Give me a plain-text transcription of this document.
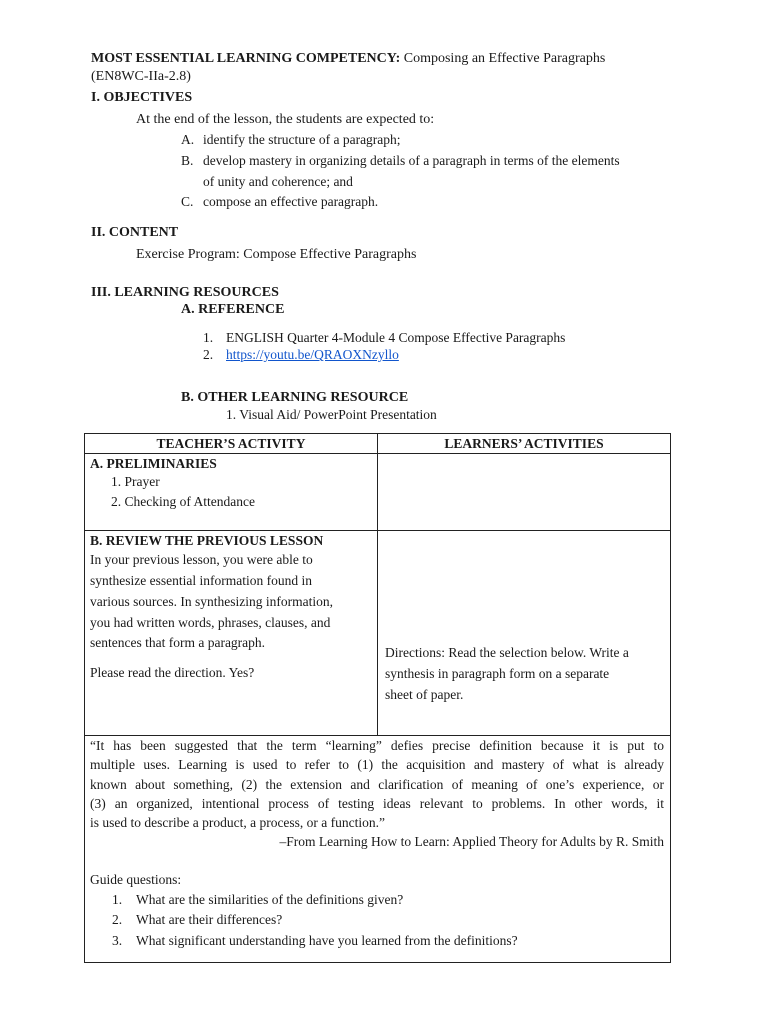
MOST ESSENTIAL LEARNING COMPETENCY: Composing an Effective Paragraphs
(EN8WC-IIa-2.8)
I. OBJECTIVES
At the end of the lesson, the students are expected to:
A. identify the structure of a paragraph;
B. develop mastery in organizing details of a paragraph in terms of the elements
of unity and coherence; and
C. compose an effective paragraph.
II. CONTENT
Exercise Program: Compose Effective Paragraphs
III. LEARNING RESOURCES
A. REFERENCE
1. ENGLISH Quarter 4-Module 4 Compose Effective Paragraphs
2. https://youtu.be/QRAOXNzyllo
B. OTHER LEARNING RESOURCE
1. Visual Aid/ PowerPoint Presentation
TEACHER’S ACTIVITY	LEARNERS’ ACTIVITIES
A. PRELIMINARIES
1. Prayer
2. Checking of Attendance
B. REVIEW THE PREVIOUS LESSON
In your previous lesson, you were able to
synthesize essential information found in
various sources. In synthesizing information,
you had written words, phrases, clauses, and
sentences that form a paragraph.
Please read the direction. Yes?
Directions: Read the selection below. Write a
synthesis in paragraph form on a separate
sheet of paper.
“It has been suggested that the term “learning” defies precise definition because it is put to
multiple uses. Learning is used to refer to (1) the acquisition and mastery of what is already
known about something, (2) the extension and clarification of meaning of one’s experience, or
(3) an organized, intentional process of testing ideas relevant to problems. In other words, it
is used to describe a product, a process, or a function.”
–From Learning How to Learn: Applied Theory for Adults by R. Smith
Guide questions:
1. What are the similarities of the definitions given?
2. What are their differences?
3. What significant understanding have you learned from the definitions?
